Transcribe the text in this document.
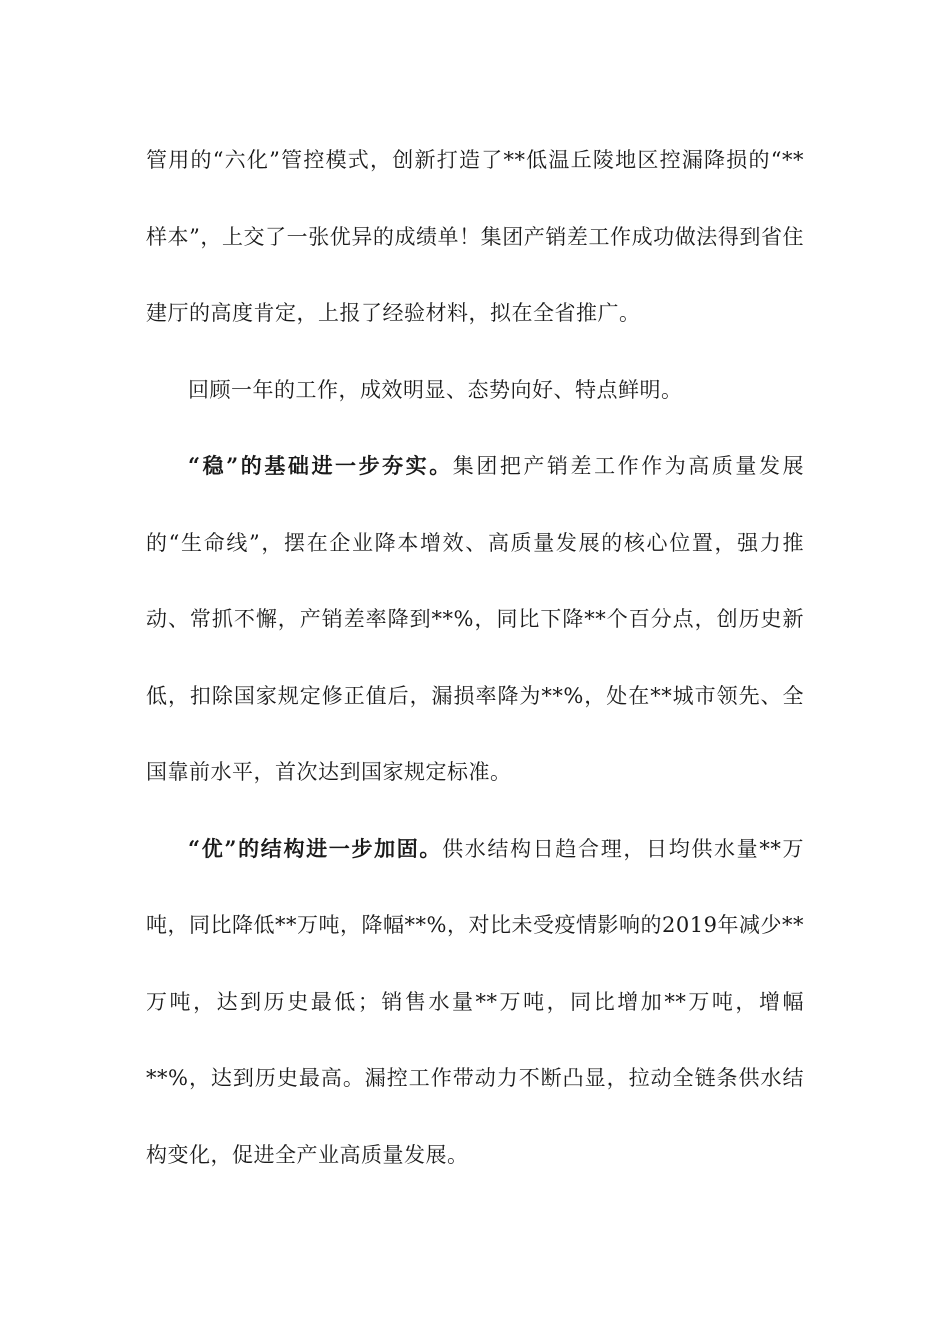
管用的“六化”管控模式，创新打造了**低温丘陵地区控漏降损的“**样本”，上交了一张优异的成绩单！集团产销差工作成功做法得到省住建厅的高度肯定，上报了经验材料，拟在全省推广。

回顾一年的工作，成效明显、态势向好、特点鲜明。

“稳”的基础进一步夯实。集团把产销差工作作为高质量发展的“生命线”，摆在企业降本增效、高质量发展的核心位置，强力推动、常抓不懈，产销差率降到**%，同比下降**个百分点，创历史新低，扣除国家规定修正值后，漏损率降为**%，处在**城市领先、全国靠前水平，首次达到国家规定标准。

“优”的结构进一步加固。供水结构日趋合理，日均供水量**万吨，同比降低**万吨，降幅**%，对比未受疫情影响的2019年减少**万吨，达到历史最低；销售水量**万吨，同比增加**万吨，增幅**%，达到历史最高。漏控工作带动力不断凸显，拉动全链条供水结构变化，促进全产业高质量发展。
